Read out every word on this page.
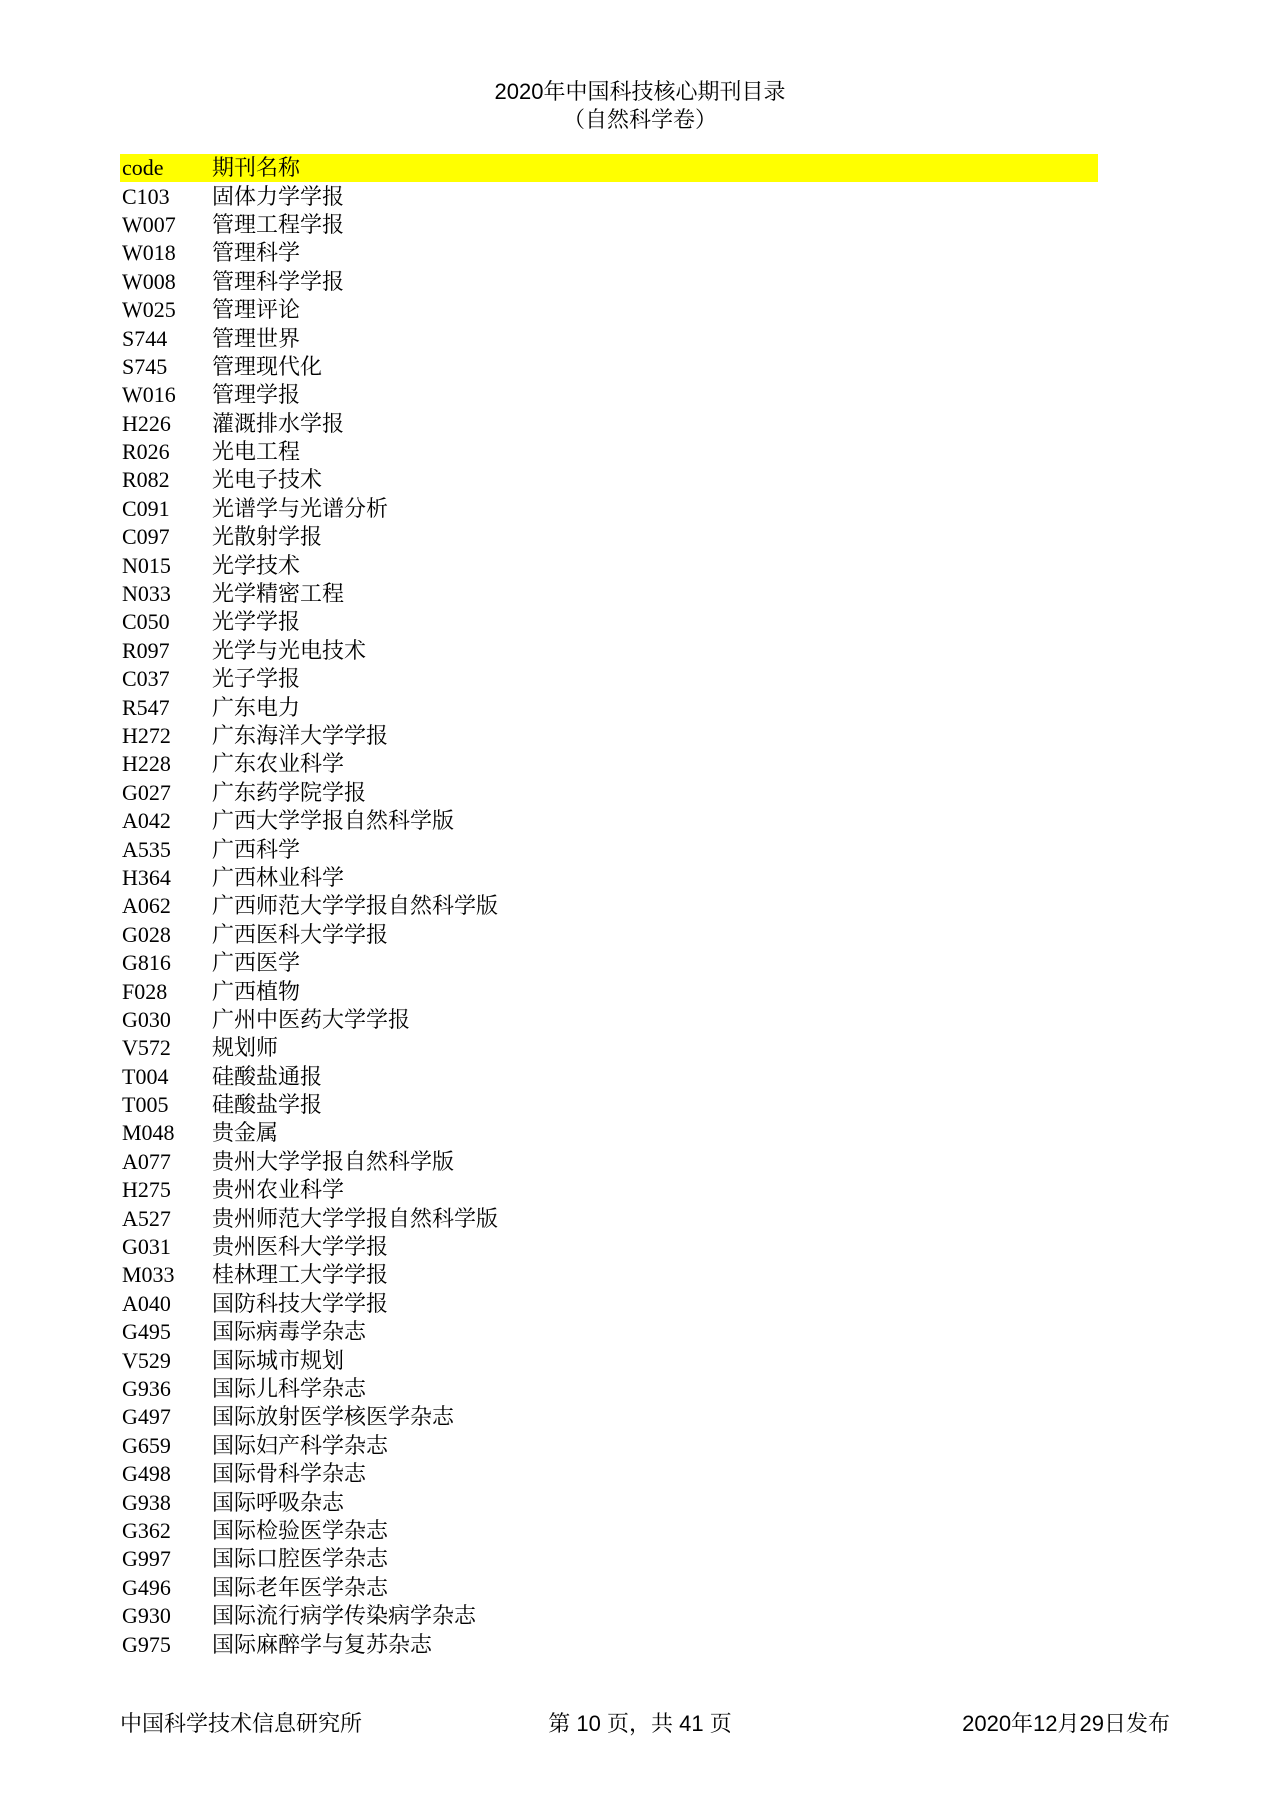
2020年中国科技核心期刊目录
（自然科学卷）
code	期刊名称
C103	固体力学学报
W007	管理工程学报
W018	管理科学
W008	管理科学学报
W025	管理评论
S744	管理世界
S745	管理现代化
W016	管理学报
H226	灌溉排水学报
R026	光电工程
R082	光电子技术
C091	光谱学与光谱分析
C097	光散射学报
N015	光学技术
N033	光学精密工程
C050	光学学报
R097	光学与光电技术
C037	光子学报
R547	广东电力
H272	广东海洋大学学报
H228	广东农业科学
G027	广东药学院学报
A042	广西大学学报自然科学版
A535	广西科学
H364	广西林业科学
A062	广西师范大学学报自然科学版
G028	广西医科大学学报
G816	广西医学
F028	广西植物
G030	广州中医药大学学报
V572	规划师
T004	硅酸盐通报
T005	硅酸盐学报
M048	贵金属
A077	贵州大学学报自然科学版
H275	贵州农业科学
A527	贵州师范大学学报自然科学版
G031	贵州医科大学学报
M033	桂林理工大学学报
A040	国防科技大学学报
G495	国际病毒学杂志
V529	国际城市规划
G936	国际儿科学杂志
G497	国际放射医学核医学杂志
G659	国际妇产科学杂志
G498	国际骨科学杂志
G938	国际呼吸杂志
G362	国际检验医学杂志
G997	国际口腔医学杂志
G496	国际老年医学杂志
G930	国际流行病学传染病学杂志
G975	国际麻醉学与复苏杂志
中国科学技术信息研究所	第 10 页，共 41 页	2020年12月29日发布
